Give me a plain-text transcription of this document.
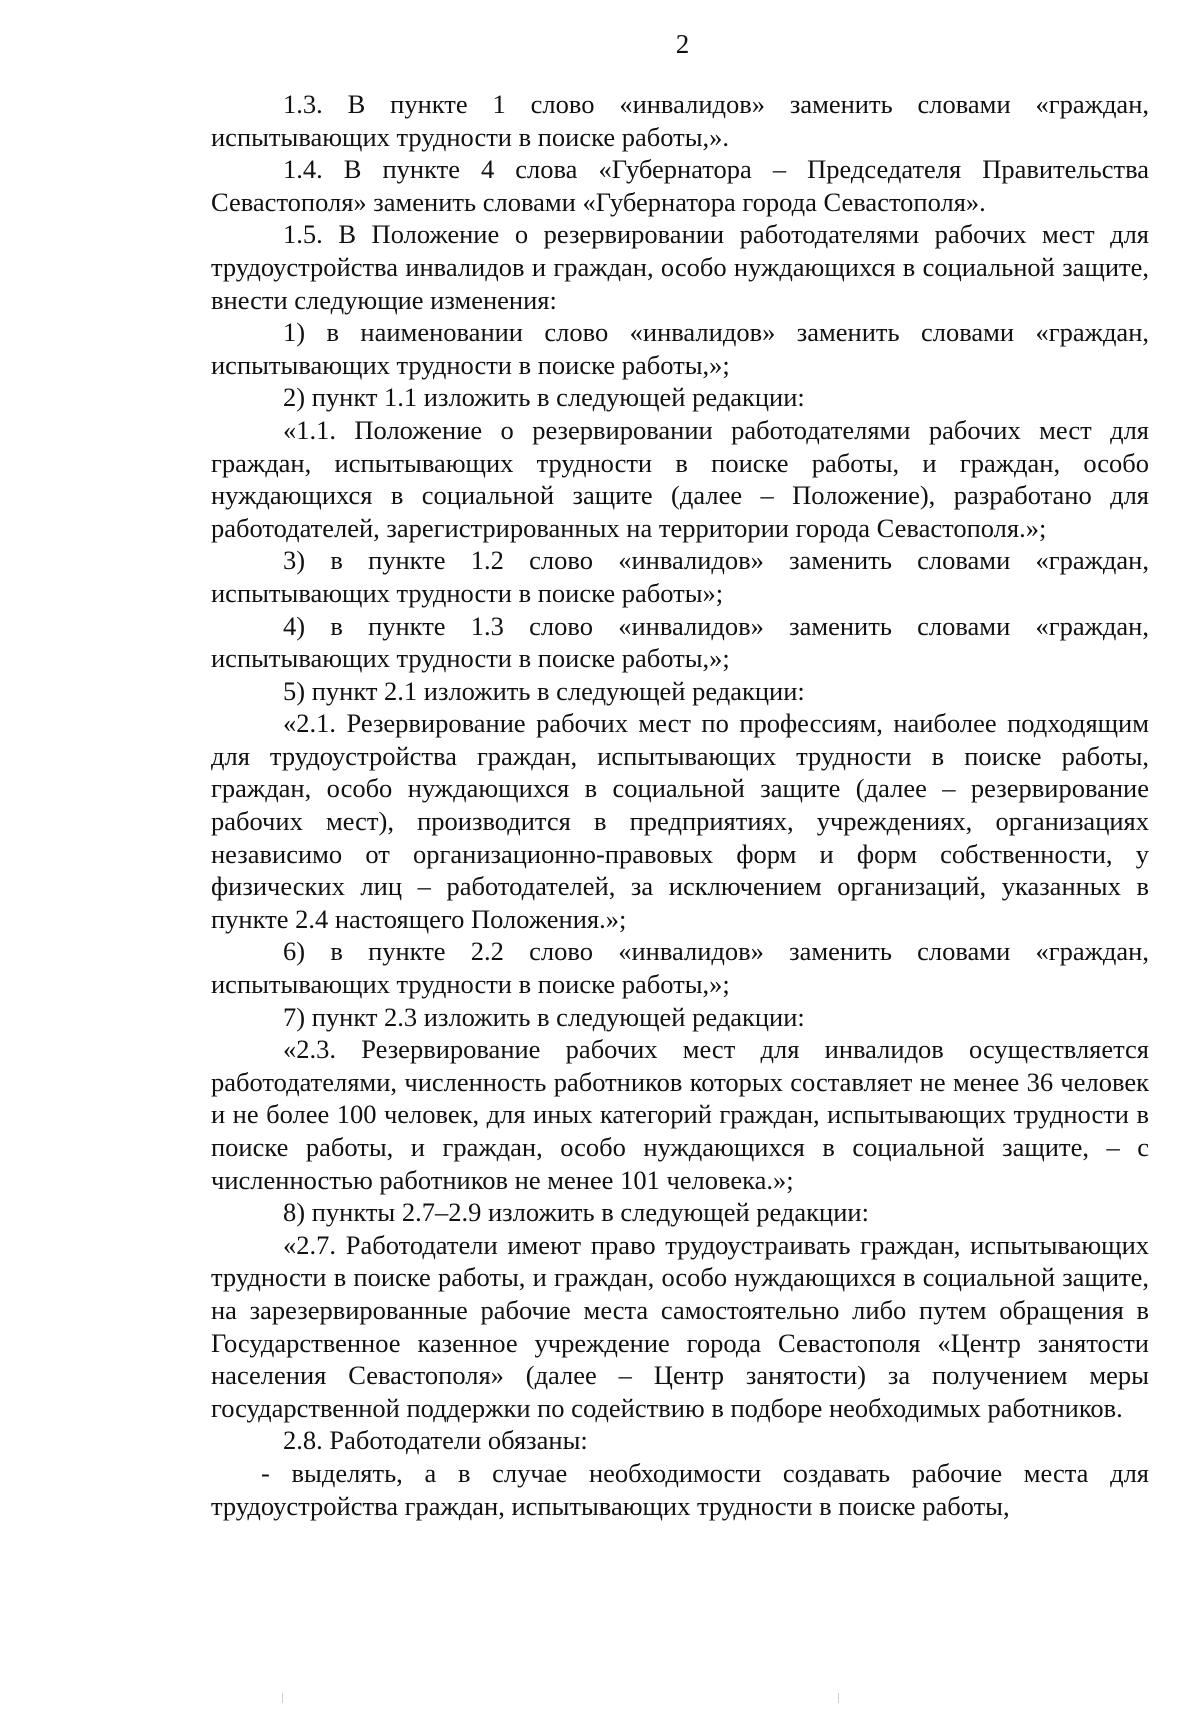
2

1.3. В пункте 1 слово «инвалидов» заменить словами «граждан, испытывающих трудности в поиске работы,».

1.4. В пункте 4 слова «Губернатора – Председателя Правительства Севастополя» заменить словами «Губернатора города Севастополя».

1.5. В Положение о резервировании работодателями рабочих мест для трудоустройства инвалидов и граждан, особо нуждающихся в социальной защите, внести следующие изменения:

1) в наименовании слово «инвалидов» заменить словами «граждан, испытывающих трудности в поиске работы,»;

2) пункт 1.1 изложить в следующей редакции:

«1.1. Положение о резервировании работодателями рабочих мест для граждан, испытывающих трудности в поиске работы, и граждан, особо нуждающихся в социальной защите (далее – Положение), разработано для работодателей, зарегистрированных на территории города Севастополя.»;

3) в пункте 1.2 слово «инвалидов» заменить словами «граждан, испытывающих трудности в поиске работы»;

4) в пункте 1.3 слово «инвалидов» заменить словами «граждан, испытывающих трудности в поиске работы,»;

5) пункт 2.1 изложить в следующей редакции:

«2.1. Резервирование рабочих мест по профессиям, наиболее подходящим для трудоустройства граждан, испытывающих трудности в поиске работы, граждан, особо нуждающихся в социальной защите (далее – резервирование рабочих мест), производится в предприятиях, учреждениях, организациях независимо от организационно-правовых форм и форм собственности, у физических лиц – работодателей, за исключением организаций, указанных в пункте 2.4 настоящего Положения.»;

6) в пункте 2.2 слово «инвалидов» заменить словами «граждан, испытывающих трудности в поиске работы,»;

7) пункт 2.3 изложить в следующей редакции:

«2.3. Резервирование рабочих мест для инвалидов осуществляется работодателями, численность работников которых составляет не менее 36 человек и не более 100 человек, для иных категорий граждан, испытывающих трудности в поиске работы, и граждан, особо нуждающихся в социальной защите, – с численностью работников не менее 101 человека.»;

8) пункты 2.7–2.9 изложить в следующей редакции:

«2.7. Работодатели имеют право трудоустраивать граждан, испытывающих трудности в поиске работы, и граждан, особо нуждающихся в социальной защите, на зарезервированные рабочие места самостоятельно либо путем обращения в Государственное казенное учреждение города Севастополя «Центр занятости населения Севастополя» (далее – Центр занятости) за получением меры государственной поддержки по содействию в подборе необходимых работников.

2.8. Работодатели обязаны:

- выделять, а в случае необходимости создавать рабочие места для трудоустройства граждан, испытывающих трудности в поиске работы,
